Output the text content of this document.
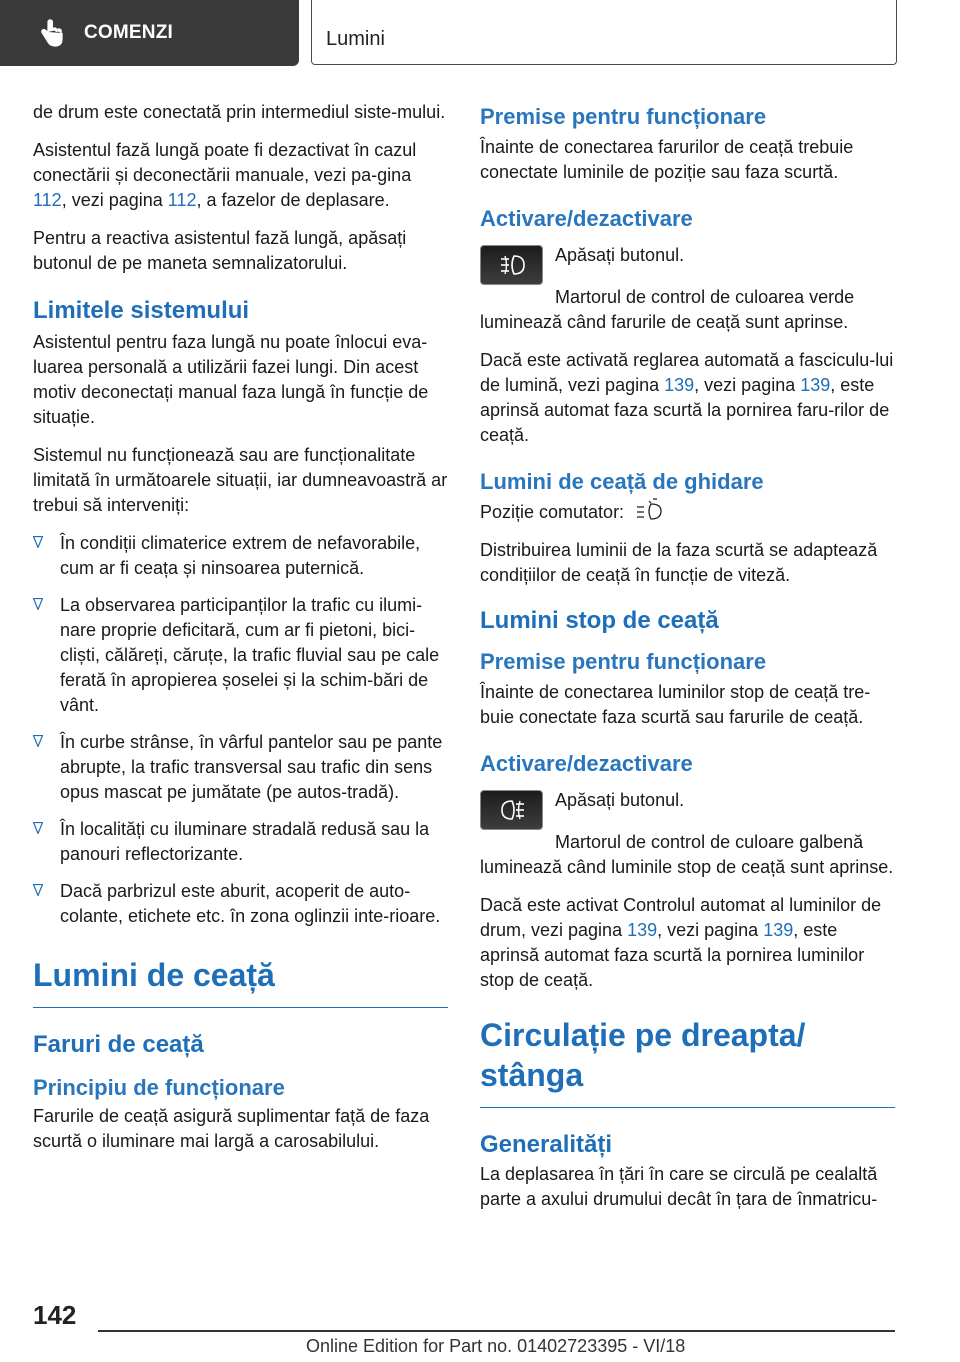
COMENZI	Lumini

de drum este conectată prin intermediul siste-mului.

Asistentul fază lungă poate fi dezactivat în cazul conectării și deconectării manuale, vezi pa-gina 112, vezi pagina 112, a fazelor de deplasare.

Pentru a reactiva asistentul fază lungă, apăsați butonul de pe maneta semnalizatorului.

Limitele sistemului

Asistentul pentru faza lungă nu poate înlocui eva-luarea personală a utilizării fazei lungi. Din acest motiv deconectați manual faza lungă în funcție de situație.

Sistemul nu funcționează sau are funcționalitate limitată în următoarele situații, iar dumneavoastră ar trebui să interveniți:

În condiții climaterice extrem de nefavorabile, cum ar fi ceața și ninsoarea puternică.
La observarea participanților la trafic cu ilumi-nare proprie deficitară, cum ar fi pietoni, bici-cliști, călăreți, căruțe, la trafic fluvial sau pe cale ferată în apropierea șoselei și la schim-bări de vânt.
În curbe strânse, în vârful pantelor sau pe pante abrupte, la trafic transversal sau trafic din sens opus mascat pe jumătate (pe autos-tradă).
În localități cu iluminare stradală redusă sau la panouri reflectorizante.
Dacă parbrizul este aburit, acoperit de auto-colante, etichete etc. în zona oglinzii inte-rioare.
Lumini de ceață
Faruri de ceață
Principiu de funcționare

Farurile de ceață asigură suplimentar față de faza scurtă o iluminare mai largă a carosabilului.

Premise pentru funcționare

Înainte de conectarea farurilor de ceață trebuie conectate luminile de poziție sau faza scurtă.

Activare/dezactivare

Apăsați butonul.

Martorul de control de culoarea verde luminează când farurile de ceață sunt aprinse.

Dacă este activată reglarea automată a fasciculu-lui de lumină, vezi pagina 139, vezi pagina 139, este aprinsă automat faza scurtă la pornirea faru-rilor de ceață.

Lumini de ceață de ghidare

Poziție comutator:

Distribuirea luminii de la faza scurtă se adaptează condițiilor de ceață în funcție de viteză.

Lumini stop de ceață
Premise pentru funcționare

Înainte de conectarea luminilor stop de ceață tre-buie conectate faza scurtă sau farurile de ceață.

Activare/dezactivare

Apăsați butonul.

Martorul de control de culoare galbenă luminează când luminile stop de ceață sunt aprinse.

Dacă este activat Controlul automat al luminilor de drum, vezi pagina 139, vezi pagina 139, este aprinsă automat faza scurtă la pornirea luminilor stop de ceață.

Circulație pe dreapta/ stânga
Generalități

La deplasarea în țări în care se circulă pe cealaltă parte a axului drumului decât în țara de înmatricu-

142
Online Edition for Part no. 01402723395 - VI/18
